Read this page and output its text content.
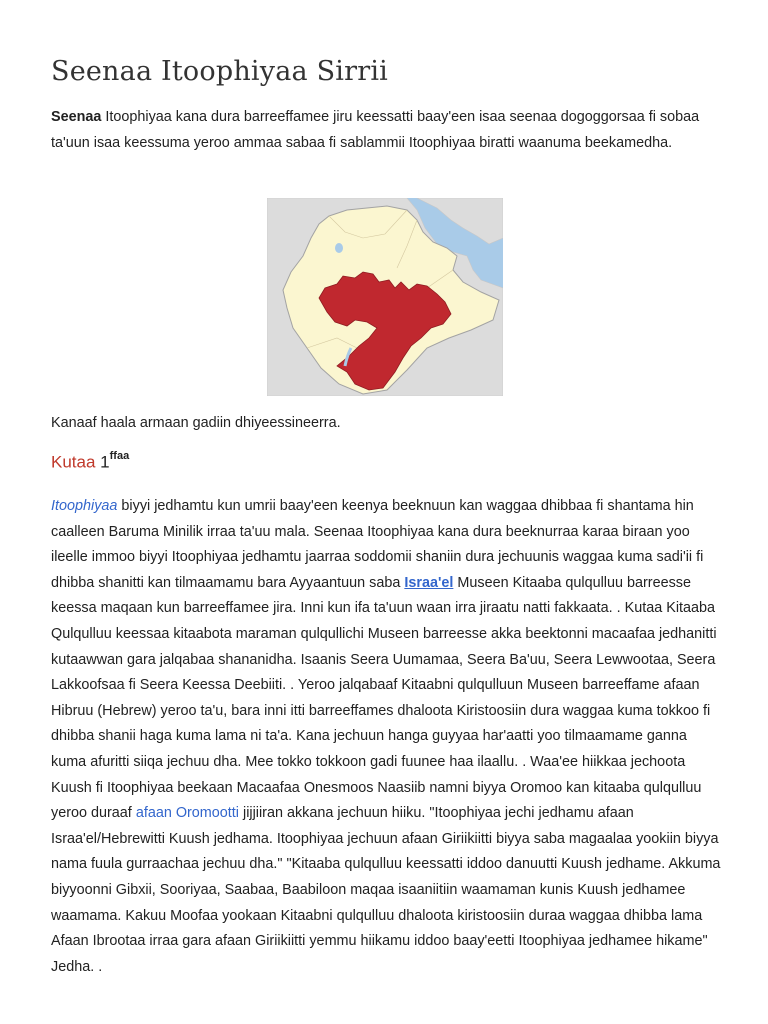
Seenaa Itoophiyaa Sirrii

Seenaa Itoophiyaa kana dura barreeffamee jiru keessatti baay'een isaa seenaa dogoggorsaa fi sobaa ta'uun isaa keessuma yeroo ammaa sabaa fi sablammii Itoophiyaa biratti waanuma beekamedha.

Kanaaf haala armaan gadiin dhiyeessineerra.

Kutaa $1^{ffaa}$

Itoophiyaa biyyi jedhamtu kun umrii baay'een keenya beeknuun kan waggaa dhibbaa fi shantama hin caalleen Baruma Minilik irraa ta'uu mala. Seenaa Itoophiyaa kana dura beeknurraa karaa biraan yoo ileelle immoo biyyi Itoophiyaa jedhamtu jaarraa soddomii shaniin dura jechuunis waggaa kuma sadi'ii fi dhibba shanitti kan tilmaamamu bara Ayyaantuun saba Israa'el Museen Kitaaba qulqulluu barreesse keessa maqaan kun barreeffamee jira. Inni kun ifa ta'uun waan irra jiraatu natti fakkaata. . Kutaa Kitaaba Qulqulluu keessaa kitaabota maraman qulqullichi Museen barreesse akka beektonni macaafaa jedhanitti kutaawwan gara jalqabaa shananidha. Isaanis Seera Uumamaa, Seera Ba'uu, Seera Lewwootaa, Seera Lakkoofsaa fi Seera Keessa Deebiiti. . Yeroo jalqabaaf Kitaabni qulqulluun Museen barreeffame afaan Hibruu (Hebrew) yeroo ta'u, bara inni itti barreeffames dhaloota Kiristoosiin dura waggaa kuma tokkoo fi dhibba shanii haga kuma lama ni ta'a. Kana jechuun hanga guyyaa har'aatti yoo tilmaamame ganna kuma afuritti siiqa jechuu dha. Mee tokko tokkoon gadi fuunee haa ilaallu. . Waa'ee hiikkaa jechoota Kuush fi Itoophiyaa beekaan Macaafaa Onesmoos Naasiib namni biyya Oromoo kan kitaaba qulqulluu yeroo duraaf afaan Oromootti jijjiiran akkana jechuun hiiku. "Itoophiyaa jechi jedhamu afaan Israa'el/Hebrewitti Kuush jedhama. Itoophiyaa jechuun afaan Giriikiitti biyya saba magaalaa yookiin biyya nama fuula gurraachaa jechuu dha." "Kitaaba qulqulluu keessatti iddoo danuutti Kuush jedhame. Akkuma biyyoonni Gibxii, Sooriyaa, Saabaa, Baabiloon maqaa isaaniitiin waamaman kunis Kuush jedhamee waamama. Kakuu Moofaa yookaan Kitaabni qulqulluu dhaloota kiristoosiin duraa waggaa dhibba lama Afaan Ibrootaa irraa gara afaan Giriikiitti yemmu hiikamu iddoo baay'eetti Itoophiyaa jedhamee hikame" Jedha. .
